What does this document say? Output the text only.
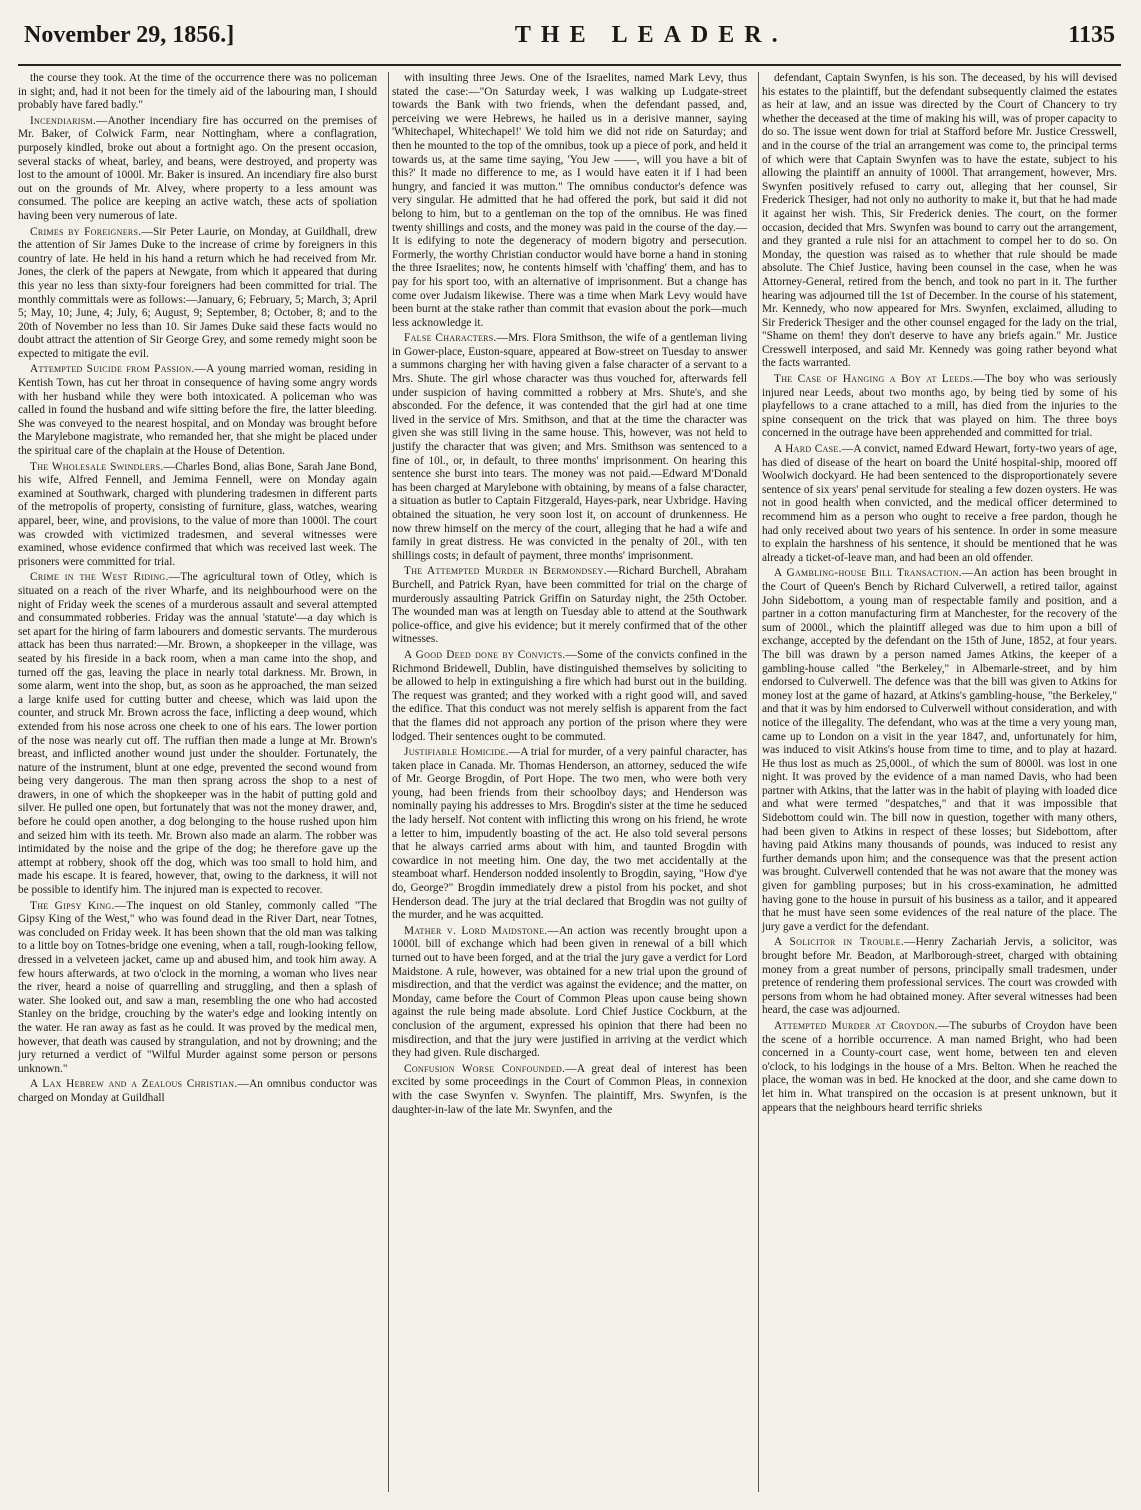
November 29, 1856.]	THE LEADER.	1135

the course they took. At the time of the occurrence there was no policeman in sight; and, had it not been for the timely aid of the labouring man, I should probably have fared badly."

Incendiarism.—Another incendiary fire has occurred on the premises of Mr. Baker, of Colwick Farm, near Nottingham, where a conflagration, purposely kindled, broke out about a fortnight ago. On the present occasion, several stacks of wheat, barley, and beans, were destroyed, and property was lost to the amount of 1000l. Mr. Baker is insured. An incendiary fire also burst out on the grounds of Mr. Alvey, where property to a less amount was consumed. The police are keeping an active watch, these acts of spoliation having been very numerous of late.

Crimes by Foreigners.—Sir Peter Laurie, on Monday, at Guildhall, drew the attention of Sir James Duke to the increase of crime by foreigners in this country of late. He held in his hand a return which he had received from Mr. Jones, the clerk of the papers at Newgate, from which it appeared that during this year no less than sixty-four foreigners had been committed for trial. The monthly committals were as follows:—January, 6; February, 5; March, 3; April 5; May, 10; June, 4; July, 6; August, 9; September, 8; October, 8; and to the 20th of November no less than 10. Sir James Duke said these facts would no doubt attract the attention of Sir George Grey, and some remedy might soon be expected to mitigate the evil.

Attempted Suicide from Passion.—A young married woman, residing in Kentish Town, has cut her throat in consequence of having some angry words with her husband while they were both intoxicated. A policeman who was called in found the husband and wife sitting before the fire, the latter bleeding. She was conveyed to the nearest hospital, and on Monday was brought before the Marylebone magistrate, who remanded her, that she might be placed under the spiritual care of the chaplain at the House of Detention.

The Wholesale Swindlers.—Charles Bond, alias Bone, Sarah Jane Bond, his wife, Alfred Fennell, and Jemima Fennell, were on Monday again examined at Southwark, charged with plundering tradesmen in different parts of the metropolis of property, consisting of furniture, glass, watches, wearing apparel, beer, wine, and provisions, to the value of more than 1000l. The court was crowded with victimized tradesmen, and several witnesses were examined, whose evidence confirmed that which was received last week. The prisoners were committed for trial.

Crime in the West Riding.—The agricultural town of Otley, which is situated on a reach of the river Wharfe, and its neighbourhood were on the night of Friday week the scenes of a murderous assault and several attempted and consummated robberies. Friday was the annual 'statute'—a day which is set apart for the hiring of farm labourers and domestic servants. The murderous attack has been thus narrated:—Mr. Brown, a shopkeeper in the village, was seated by his fireside in a back room, when a man came into the shop, and turned off the gas, leaving the place in nearly total darkness. Mr. Brown, in some alarm, went into the shop, but, as soon as he approached, the man seized a large knife used for cutting butter and cheese, which was laid upon the counter, and struck Mr. Brown across the face, inflicting a deep wound, which extended from his nose across one cheek to one of his ears. The lower portion of the nose was nearly cut off. The ruffian then made a lunge at Mr. Brown's breast, and inflicted another wound just under the shoulder. Fortunately, the nature of the instrument, blunt at one edge, prevented the second wound from being very dangerous. The man then sprang across the shop to a nest of drawers, in one of which the shopkeeper was in the habit of putting gold and silver. He pulled one open, but fortunately that was not the money drawer, and, before he could open another, a dog belonging to the house rushed upon him and seized him with its teeth. Mr. Brown also made an alarm. The robber was intimidated by the noise and the gripe of the dog; he therefore gave up the attempt at robbery, shook off the dog, which was too small to hold him, and made his escape. It is feared, however, that, owing to the darkness, it will not be possible to identify him. The injured man is expected to recover.

The Gipsy King.—The inquest on old Stanley, commonly called "The Gipsy King of the West," who was found dead in the River Dart, near Totnes, was concluded on Friday week. It has been shown that the old man was talking to a little boy on Totnes-bridge one evening, when a tall, rough-looking fellow, dressed in a velveteen jacket, came up and abused him, and took him away. A few hours afterwards, at two o'clock in the morning, a woman who lives near the river, heard a noise of quarrelling and struggling, and then a splash of water. She looked out, and saw a man, resembling the one who had accosted Stanley on the bridge, crouching by the water's edge and looking intently on the water. He ran away as fast as he could. It was proved by the medical men, however, that death was caused by strangulation, and not by drowning; and the jury returned a verdict of "Wilful Murder against some person or persons unknown."

A Lax Hebrew and a Zealous Christian.—An omnibus conductor was charged on Monday at Guildhall

with insulting three Jews. One of the Israelites, named Mark Levy, thus stated the case:—"On Saturday week, I was walking up Ludgate-street towards the Bank with two friends, when the defendant passed, and, perceiving we were Hebrews, he hailed us in a derisive manner, saying 'Whitechapel, Whitechapel!' We told him we did not ride on Saturday; and then he mounted to the top of the omnibus, took up a piece of pork, and held it towards us, at the same time saying, 'You Jew ——, will you have a bit of this?' It made no difference to me, as I would have eaten it if I had been hungry, and fancied it was mutton." The omnibus conductor's defence was very singular. He admitted that he had offered the pork, but said it did not belong to him, but to a gentleman on the top of the omnibus. He was fined twenty shillings and costs, and the money was paid in the course of the day.—It is edifying to note the degeneracy of modern bigotry and persecution. Formerly, the worthy Christian conductor would have borne a hand in stoning the three Israelites; now, he contents himself with 'chaffing' them, and has to pay for his sport too, with an alternative of imprisonment. But a change has come over Judaism likewise. There was a time when Mark Levy would have been burnt at the stake rather than commit that evasion about the pork—much less acknowledge it.

False Characters.—Mrs. Flora Smithson, the wife of a gentleman living in Gower-place, Euston-square, appeared at Bow-street on Tuesday to answer a summons charging her with having given a false character of a servant to a Mrs. Shute. The girl whose character was thus vouched for, afterwards fell under suspicion of having committed a robbery at Mrs. Shute's, and she absconded. For the defence, it was contended that the girl had at one time lived in the service of Mrs. Smithson, and that at the time the character was given she was still living in the same house. This, however, was not held to justify the character that was given; and Mrs. Smithson was sentenced to a fine of 10l., or, in default, to three months' imprisonment. On hearing this sentence she burst into tears. The money was not paid.—Edward M'Donald has been charged at Marylebone with obtaining, by means of a false character, a situation as butler to Captain Fitzgerald, Hayes-park, near Uxbridge. Having obtained the situation, he very soon lost it, on account of drunkenness. He now threw himself on the mercy of the court, alleging that he had a wife and family in great distress. He was convicted in the penalty of 20l., with ten shillings costs; in default of payment, three months' imprisonment.

The Attempted Murder in Bermondsey.—Richard Burchell, Abraham Burchell, and Patrick Ryan, have been committed for trial on the charge of murderously assaulting Patrick Griffin on Saturday night, the 25th October. The wounded man was at length on Tuesday able to attend at the Southwark police-office, and give his evidence; but it merely confirmed that of the other witnesses.

A Good Deed done by Convicts.—Some of the convicts confined in the Richmond Bridewell, Dublin, have distinguished themselves by soliciting to be allowed to help in extinguishing a fire which had burst out in the building. The request was granted; and they worked with a right good will, and saved the edifice. That this conduct was not merely selfish is apparent from the fact that the flames did not approach any portion of the prison where they were lodged. Their sentences ought to be commuted.

Justifiable Homicide.—A trial for murder, of a very painful character, has taken place in Canada. Mr. Thomas Henderson, an attorney, seduced the wife of Mr. George Brogdin, of Port Hope. The two men, who were both very young, had been friends from their schoolboy days; and Henderson was nominally paying his addresses to Mrs. Brogdin's sister at the time he seduced the lady herself. Not content with inflicting this wrong on his friend, he wrote a letter to him, impudently boasting of the act. He also told several persons that he always carried arms about with him, and taunted Brogdin with cowardice in not meeting him. One day, the two met accidentally at the steamboat wharf. Henderson nodded insolently to Brogdin, saying, "How d'ye do, George?" Brogdin immediately drew a pistol from his pocket, and shot Henderson dead. The jury at the trial declared that Brogdin was not guilty of the murder, and he was acquitted.

Mather v. Lord Maidstone.—An action was recently brought upon a 1000l. bill of exchange which had been given in renewal of a bill which turned out to have been forged, and at the trial the jury gave a verdict for Lord Maidstone. A rule, however, was obtained for a new trial upon the ground of misdirection, and that the verdict was against the evidence; and the matter, on Monday, came before the Court of Common Pleas upon cause being shown against the rule being made absolute. Lord Chief Justice Cockburn, at the conclusion of the argument, expressed his opinion that there had been no misdirection, and that the jury were justified in arriving at the verdict which they had given. Rule discharged.

Confusion Worse Confounded.—A great deal of interest has been excited by some proceedings in the Court of Common Pleas, in connexion with the case Swynfen v. Swynfen. The plaintiff, Mrs. Swynfen, is the daughter-in-law of the late Mr. Swynfen, and the

defendant, Captain Swynfen, is his son. The deceased, by his will devised his estates to the plaintiff, but the defendant subsequently claimed the estates as heir at law, and an issue was directed by the Court of Chancery to try whether the deceased at the time of making his will, was of proper capacity to do so. The issue went down for trial at Stafford before Mr. Justice Cresswell, and in the course of the trial an arrangement was come to, the principal terms of which were that Captain Swynfen was to have the estate, subject to his allowing the plaintiff an annuity of 1000l. That arrangement, however, Mrs. Swynfen positively refused to carry out, alleging that her counsel, Sir Frederick Thesiger, had not only no authority to make it, but that he had made it against her wish. This, Sir Frederick denies. The court, on the former occasion, decided that Mrs. Swynfen was bound to carry out the arrangement, and they granted a rule nisi for an attachment to compel her to do so. On Monday, the question was raised as to whether that rule should be made absolute. The Chief Justice, having been counsel in the case, when he was Attorney-General, retired from the bench, and took no part in it. The further hearing was adjourned till the 1st of December. In the course of his statement, Mr. Kennedy, who now appeared for Mrs. Swynfen, exclaimed, alluding to Sir Frederick Thesiger and the other counsel engaged for the lady on the trial, "Shame on them! they don't deserve to have any briefs again." Mr. Justice Cresswell interposed, and said Mr. Kennedy was going rather beyond what the facts warranted.

The Case of Hanging a Boy at Leeds.—The boy who was seriously injured near Leeds, about two months ago, by being tied by some of his playfellows to a crane attached to a mill, has died from the injuries to the spine consequent on the trick that was played on him. The three boys concerned in the outrage have been apprehended and committed for trial.

A Hard Case.—A convict, named Edward Hewart, forty-two years of age, has died of disease of the heart on board the Unité hospital-ship, moored off Woolwich dockyard. He had been sentenced to the disproportionately severe sentence of six years' penal servitude for stealing a few dozen oysters. He was not in good health when convicted, and the medical officer determined to recommend him as a person who ought to receive a free pardon, though he had only received about two years of his sentence. In order in some measure to explain the harshness of his sentence, it should be mentioned that he was already a ticket-of-leave man, and had been an old offender.

A Gambling-house Bill Transaction.—An action has been brought in the Court of Queen's Bench by Richard Culverwell, a retired tailor, against John Sidebottom, a young man of respectable family and position, and a partner in a cotton manufacturing firm at Manchester, for the recovery of the sum of 2000l., which the plaintiff alleged was due to him upon a bill of exchange, accepted by the defendant on the 15th of June, 1852, at four years. The bill was drawn by a person named James Atkins, the keeper of a gambling-house called "the Berkeley," in Albemarle-street, and by him endorsed to Culverwell. The defence was that the bill was given to Atkins for money lost at the game of hazard, at Atkins's gambling-house, "the Berkeley," and that it was by him endorsed to Culverwell without consideration, and with notice of the illegality. The defendant, who was at the time a very young man, came up to London on a visit in the year 1847, and, unfortunately for him, was induced to visit Atkins's house from time to time, and to play at hazard. He thus lost as much as 25,000l., of which the sum of 8000l. was lost in one night. It was proved by the evidence of a man named Davis, who had been partner with Atkins, that the latter was in the habit of playing with loaded dice and what were termed "despatches," and that it was impossible that Sidebottom could win. The bill now in question, together with many others, had been given to Atkins in respect of these losses; but Sidebottom, after having paid Atkins many thousands of pounds, was induced to resist any further demands upon him; and the consequence was that the present action was brought. Culverwell contended that he was not aware that the money was given for gambling purposes; but in his cross-examination, he admitted having gone to the house in pursuit of his business as a tailor, and it appeared that he must have seen some evidences of the real nature of the place. The jury gave a verdict for the defendant.

A Solicitor in Trouble.—Henry Zachariah Jervis, a solicitor, was brought before Mr. Beadon, at Marlborough-street, charged with obtaining money from a great number of persons, principally small tradesmen, under pretence of rendering them professional services. The court was crowded with persons from whom he had obtained money. After several witnesses had been heard, the case was adjourned.

Attempted Murder at Croydon.—The suburbs of Croydon have been the scene of a horrible occurrence. A man named Bright, who had been concerned in a County-court case, went home, between ten and eleven o'clock, to his lodgings in the house of a Mrs. Belton. When he reached the place, the woman was in bed. He knocked at the door, and she came down to let him in. What transpired on the occasion is at present unknown, but it appears that the neighbours heard terrific shrieks
